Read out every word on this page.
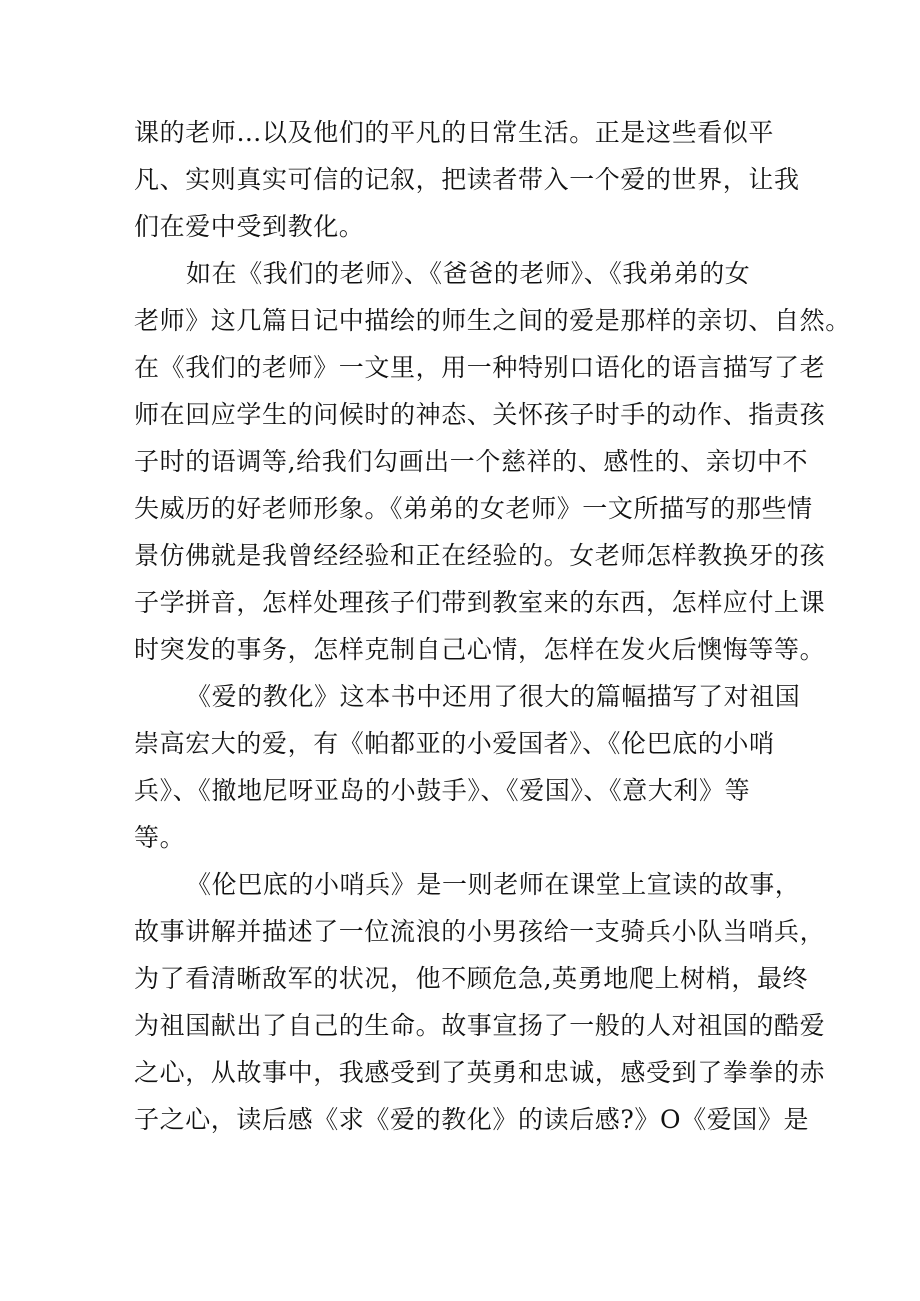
课的老师…以及他们的平凡的日常生活。正是这些看似平
凡、实则真实可信的记叙，把读者带入一个爱的世界，让我
们在爱中受到教化。
如在《我们的老师》、《爸爸的老师》、《我弟弟的女
老师》这几篇日记中描绘的师生之间的爱是那样的亲切、自然。
在《我们的老师》一文里，用一种特别口语化的语言描写了老
师在回应学生的问候时的神态、关怀孩子时手的动作、指责孩
子时的语调等,给我们勾画出一个慈祥的、感性的、亲切中不
失威历的好老师形象。《弟弟的女老师》一文所描写的那些情
景仿佛就是我曾经经验和正在经验的。女老师怎样教换牙的孩
子学拼音，怎样处理孩子们带到教室来的东西，怎样应付上课
时突发的事务，怎样克制自己心情，怎样在发火后懊悔等等。
《爱的教化》这本书中还用了很大的篇幅描写了对祖国
崇高宏大的爱，有《帕都亚的小爱国者》、《伦巴底的小哨
兵》、《撤地尼呀亚岛的小鼓手》、《爱国》、《意大利》等
等。
《伦巴底的小哨兵》是一则老师在课堂上宣读的故事，
故事讲解并描述了一位流浪的小男孩给一支骑兵小队当哨兵，
为了看清晰敌军的状况，他不顾危急,英勇地爬上树梢，最终
为祖国献出了自己的生命。故事宣扬了一般的人对祖国的酷爱
之心，从故事中，我感受到了英勇和忠诚，感受到了拳拳的赤
子之心，读后感《求《爱的教化》的读后感?》O《爱国》是
